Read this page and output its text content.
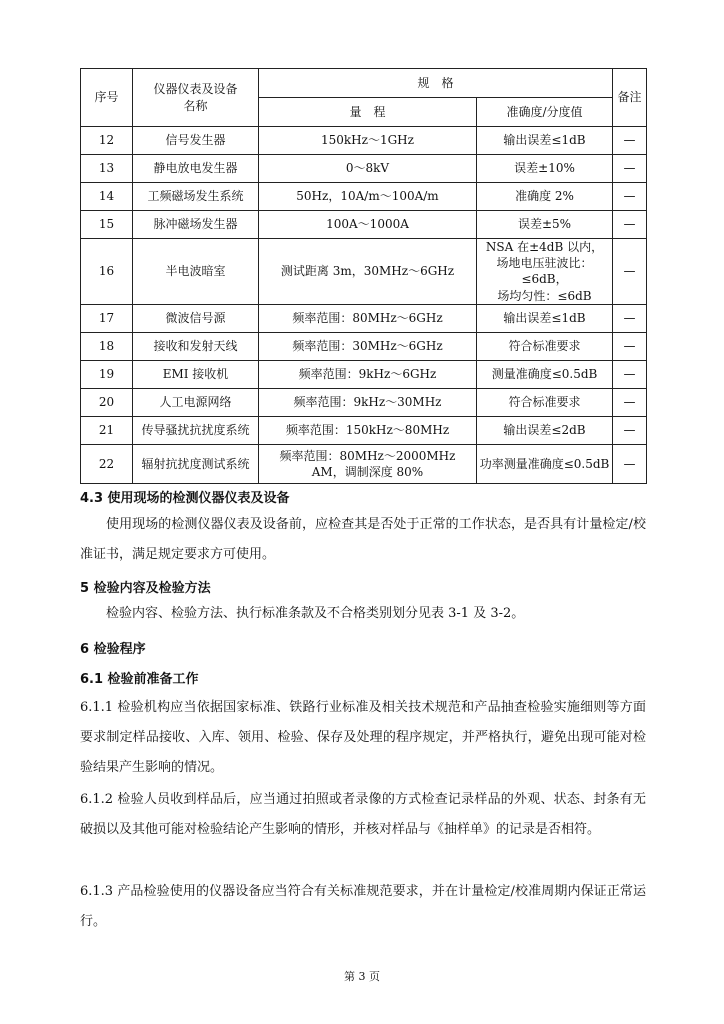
序号	仪器仪表及设备名称	规　格		备注
		量　程	准确度/分度值	
12	信号发生器	150kHz～1GHz	输出误差≤1dB	—
13	静电放电发生器	0～8kV	误差±10%	—
14	工频磁场发生系统	50Hz，10A/m～100A/m	准确度 2%	—
15	脉冲磁场发生器	100A～1000A	误差±5%	—
16	半电波暗室	测试距离 3m，30MHz～6GHz	NSA 在±4dB 以内，
场地电压驻波比：≤6dB，
场均匀性：≤6dB	—
17	微波信号源	频率范围：80MHz～6GHz	输出误差≤1dB	—
18	接收和发射天线	频率范围：30MHz～6GHz	符合标准要求	—
19	EMI 接收机	频率范围：9kHz～6GHz	测量准确度≤0.5dB	—
20	人工电源网络	频率范围：9kHz～30MHz	符合标准要求	—
21	传导骚扰抗扰度系统	频率范围：150kHz～80MHz	输出误差≤2dB	—
22	辐射抗扰度测试系统	频率范围：80MHz～2000MHz
AM，调制深度 80%	功率测量准确度≤0.5dB	—
4.3 使用现场的检测仪器仪表及设备
使用现场的检测仪器仪表及设备前，应检查其是否处于正常的工作状态，是否具有计量检定/校准证书，满足规定要求方可使用。
5 检验内容及检验方法
检验内容、检验方法、执行标准条款及不合格类别划分见表 3-1 及 3-2。
6 检验程序
6.1 检验前准备工作
6.1.1 检验机构应当依据国家标准、铁路行业标准及相关技术规范和产品抽查检验实施细则等方面要求制定样品接收、入库、领用、检验、保存及处理的程序规定，并严格执行，避免出现可能对检验结果产生影响的情况。
6.1.2 检验人员收到样品后，应当通过拍照或者录像的方式检查记录样品的外观、状态、封条有无破损以及其他可能对检验结论产生影响的情形，并核对样品与《抽样单》的记录是否相符。
6.1.3 产品检验使用的仪器设备应当符合有关标准规范要求，并在计量检定/校准周期内保证正常运行。
第 3 页
